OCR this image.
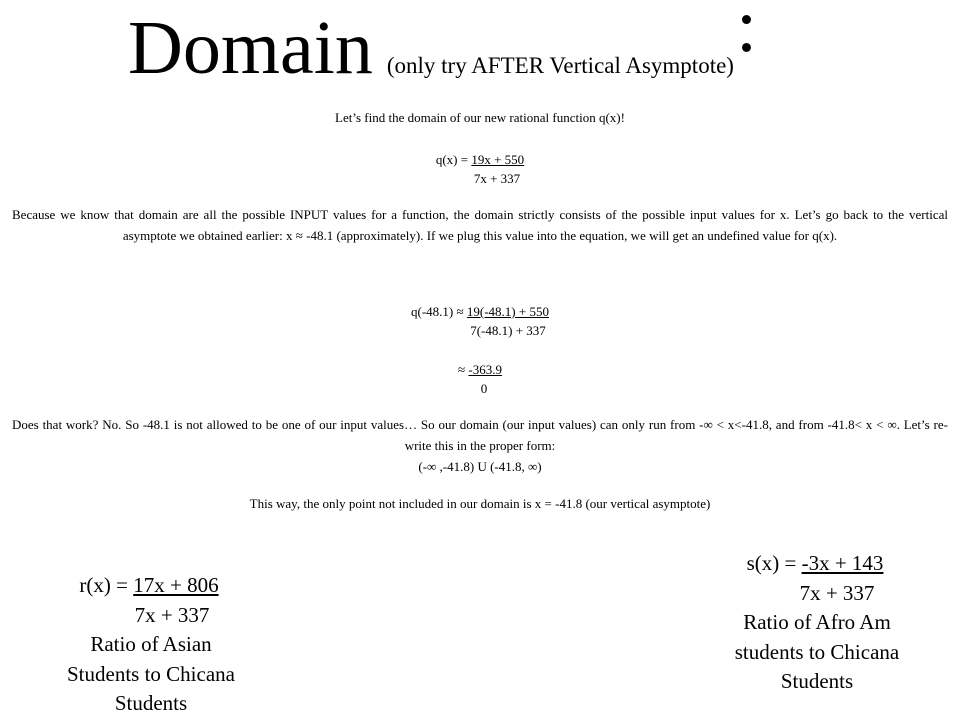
Domain (only try AFTER Vertical Asymptote):
Let’s find the domain of our new rational function q(x)!
q(x) = 19x + 550
7x + 337
Because we know that domain are all the possible INPUT values for a function, the domain strictly consists of the possible input values for x. Let’s go back to the vertical asymptote we obtained earlier: x ≈ -48.1 (approximately). If we plug this value into the equation, we will get an undefined value for q(x).
q(-48.1) ≈ 19(-48.1) + 550
7(-48.1) + 337
≈ -363.9
0
Does that work? No. So -48.1 is not allowed to be one of our input values… So our domain (our input values) can only run from -∞ < x<-41.8, and from -41.8< x < ∞. Let’s re- write this in the proper form:
(-∞ ,-41.8) U (-41.8, ∞)
This way, the only point not included in our domain is x = -41.8 (our vertical asymptote)
r(x) = 17x + 806
7x + 337
Ratio of Asian
Students to Chicana
Students
s(x) = -3x + 143
7x + 337
Ratio of Afro Am
students to Chicana
Students
